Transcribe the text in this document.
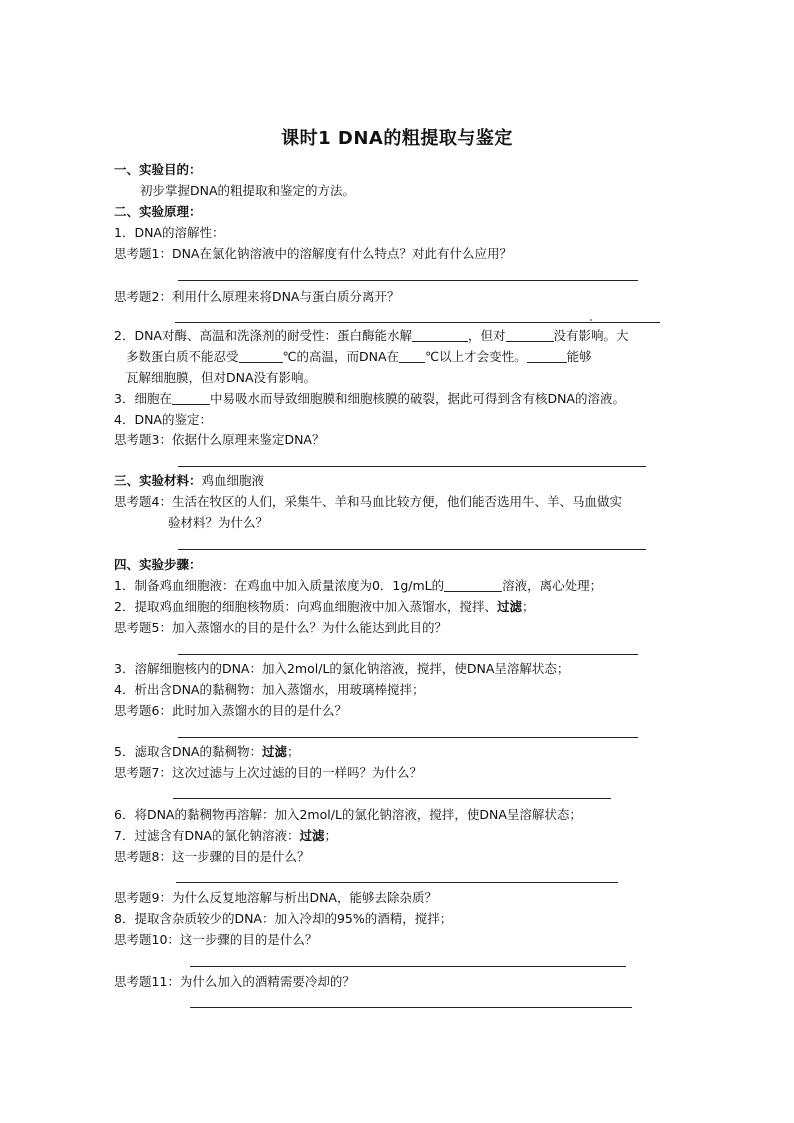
课时1 DNA的粗提取与鉴定
一、实验目的：
初步掌握DNA的粗提取和鉴定的方法。
二、实验原理：
1．DNA的溶解性：
思考题1：DNA在氯化钠溶液中的溶解度有什么特点？对此有什么应用？
思考题2：利用什么原理来将DNA与蛋白质分离开？
2．DNA对酶、高温和洗涤剂的耐受性：蛋白酶能水解	，但对	没有影响。大
多数蛋白质不能忍受	℃的高温，而DNA在 ℃以上才会变性。	能够
瓦解细胞膜，但对DNA没有影响。
3．细胞在	中易吸水而导致细胞膜和细胞核膜的破裂，据此可得到含有核DNA的溶液。
4．DNA的鉴定：
思考题3：依据什么原理来鉴定DNA？
三、实验材料：鸡血细胞液
思考题4：生活在牧区的人们，采集牛、羊和马血比较方便，他们能否选用牛、羊、马血做实
验材料？为什么？
四、实验步骤：
1．制备鸡血细胞液：在鸡血中加入质量浓度为0．1g/mL的	溶液，离心处理；
2．提取鸡血细胞的细胞核物质：向鸡血细胞液中加入蒸馏水，搅拌、过滤；
思考题5：加入蒸馏水的目的是什么？为什么能达到此目的？
3．溶解细胞核内的DNA：加入2mol/L的氯化钠溶液，搅拌，使DNA呈溶解状态；
4．析出含DNA的黏稠物：加入蒸馏水，用玻璃棒搅拌；
思考题6：此时加入蒸馏水的目的是什么？
5．滤取含DNA的黏稠物：过滤；
思考题7：这次过滤与上次过滤的目的一样吗？为什么？
6．将DNA的黏稠物再溶解：加入2mol/L的氯化钠溶液，搅拌，使DNA呈溶解状态；
7．过滤含有DNA的氯化钠溶液：过滤；
思考题8：这一步骤的目的是什么？
思考题9：为什么反复地溶解与析出DNA，能够去除杂质？
8．提取含杂质较少的DNA：加入冷却的95%的酒精，搅拌；
思考题10：这一步骤的目的是什么？
思考题11：为什么加入的酒精需要冷却的？
